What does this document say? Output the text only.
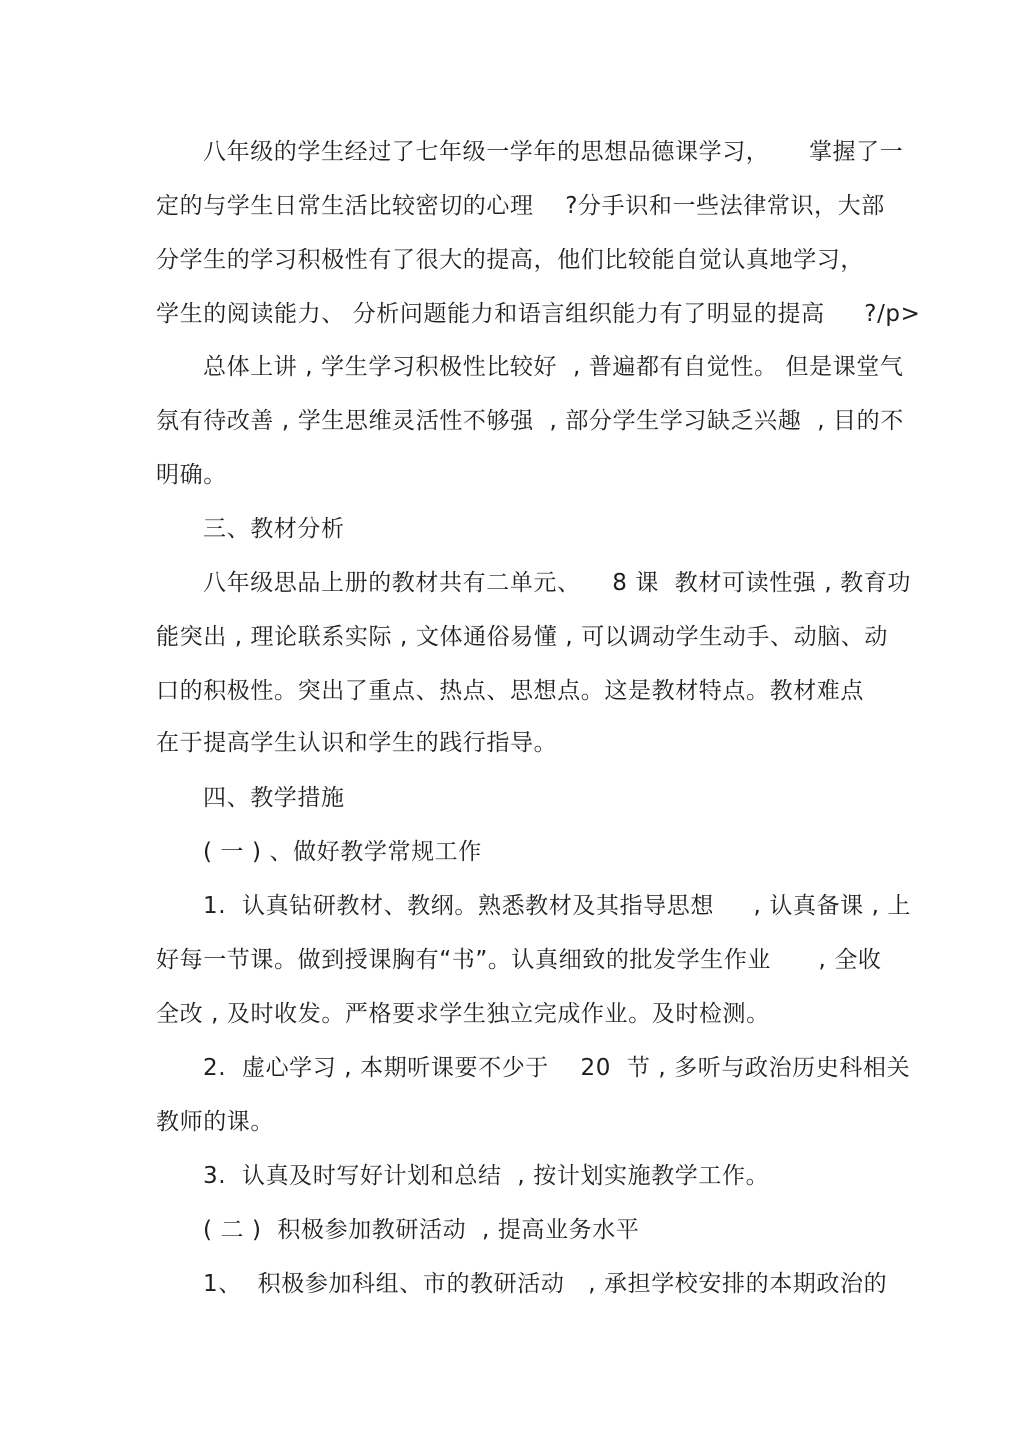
八年级的学生经过了七年级一学年的思想品德课学习，     掌握了一
定的与学生日常生活比较密切的心理    ?分手识和一些法律常识，大部
分学生的学习积极性有了很大的提高，他们比较能自觉认真地学习，
学生的阅读能力、 分析问题能力和语言组织能力有了明显的提高     ?/p>
总体上讲 , 学生学习积极性比较好  , 普遍都有自觉性。 但是课堂气
氛有待改善 , 学生思维灵活性不够强  , 部分学生学习缺乏兴趣  , 目的不
明确。
三、教材分析
八年级思品上册的教材共有二单元、    8 课  教材可读性强 , 教育功
能突出 , 理论联系实际 , 文体通俗易懂 , 可以调动学生动手、动脑、动
口的积极性。突出了重点、热点、思想点。这是教材特点。教材难点
在于提高学生认识和学生的践行指导。
四、教学措施
( 一 ) 、做好教学常规工作
1.  认真钻研教材、教纲。熟悉教材及其指导思想     , 认真备课 , 上
好每一节课。做到授课胸有“书”。认真细致的批发学生作业      , 全收
全改 , 及时收发。严格要求学生独立完成作业。及时检测。
2.  虚心学习 , 本期听课要不少于    20  节 , 多听与政治历史科相关
教师的课。
3.  认真及时写好计划和总结  , 按计划实施教学工作。
( 二 )  积极参加教研活动  , 提高业务水平
1、  积极参加科组、市的教研活动   , 承担学校安排的本期政治的
